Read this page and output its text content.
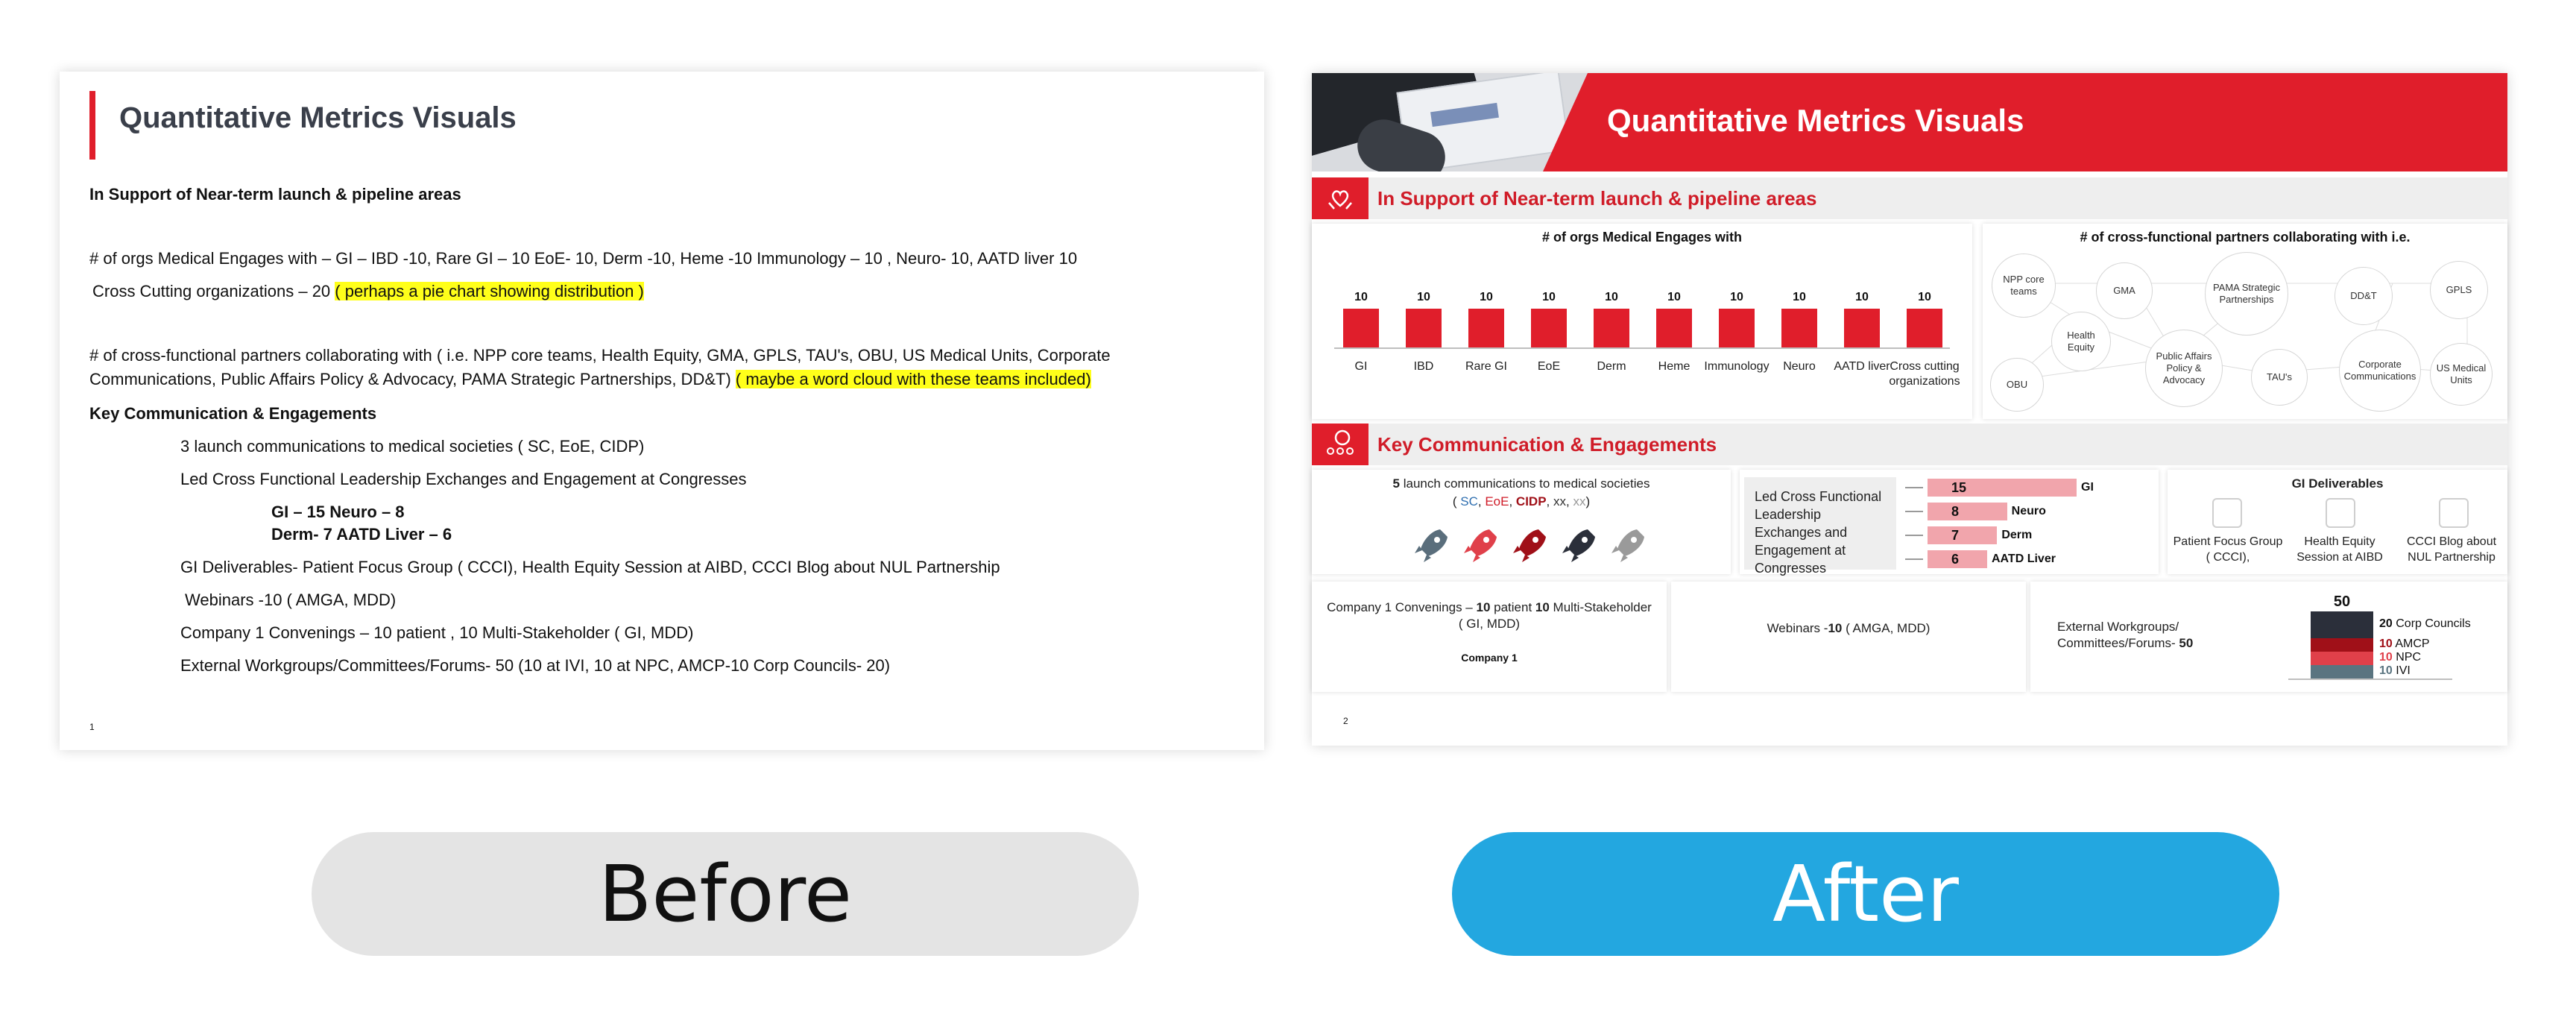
Quantitative Metrics Visuals
In Support of Near-term launch & pipeline areas
# of orgs Medical Engages with – GI – IBD -10, Rare GI – 10 EoE- 10, Derm -10, Heme -10 Immunology – 10 , Neuro- 10, AATD liver 10
Cross Cutting organizations – 20 ( perhaps a pie chart showing distribution )
# of cross-functional partners collaborating with ( i.e. NPP core teams, Health Equity, GMA, GPLS, TAU's, OBU, US Medical Units, Corporate
Communications, Public Affairs Policy & Advocacy, PAMA Strategic Partnerships, DD&T) ( maybe a word cloud with these teams included)
Key Communication & Engagements
3 launch communications to medical societies ( SC, EoE, CIDP)
Led Cross Functional Leadership Exchanges and Engagement at Congresses
GI – 15 Neuro – 8
Derm- 7 AATD Liver – 6
GI Deliverables- Patient Focus Group ( CCCI), Health Equity Session at AIBD, CCCI Blog about NUL Partnership
Webinars -10 ( AMGA, MDD)
Company 1 Convenings – 10 patient , 10 Multi-Stakeholder ( GI, MDD)
External Workgroups/Committees/Forums- 50 (10 at IVI, 10 at NPC, AMCP-10 Corp Councils- 20)
1
Quantitative Metrics Visuals
In Support of Near-term launch & pipeline areas
# of orgs Medical Engages with
10
GI
10
IBD
10
Rare GI
10
EoE
10
Derm
10
Heme
10
Immunology
10
Neuro
10
AATD liver
10
Cross cutting organizations
# of cross-functional partners collaborating with i.e.
NPP core teams	GMA	PAMA Strategic Partnerships	DD&T
GPLS
Health Equity
Public Affairs Policy & Advocacy	TAU's
Corporate Communications
US Medical Units
OBU
Key Communication & Engagements
5 launch communications to medical societies
( SC, EoE, CIDP, xx, xx)	Led Cross Functional Leadership Exchanges and Engagement at Congresses
15	GI
8	Neuro
7	Derm
6	AATD Liver
GI Deliverables
Patient Focus Group ( CCCI),
Health Equity Session at AIBD
CCCI Blog about NUL Partnership
Company 1 Convenings – 10 patient 10 Multi-Stakeholder ( GI, MDD)
Company 1
Webinars -10 ( AMGA, MDD)	External Workgroups/
Committees/Forums- 50
50
20 Corp Councils
10 AMCP
10 NPC
10 IVI
2
Before	After
